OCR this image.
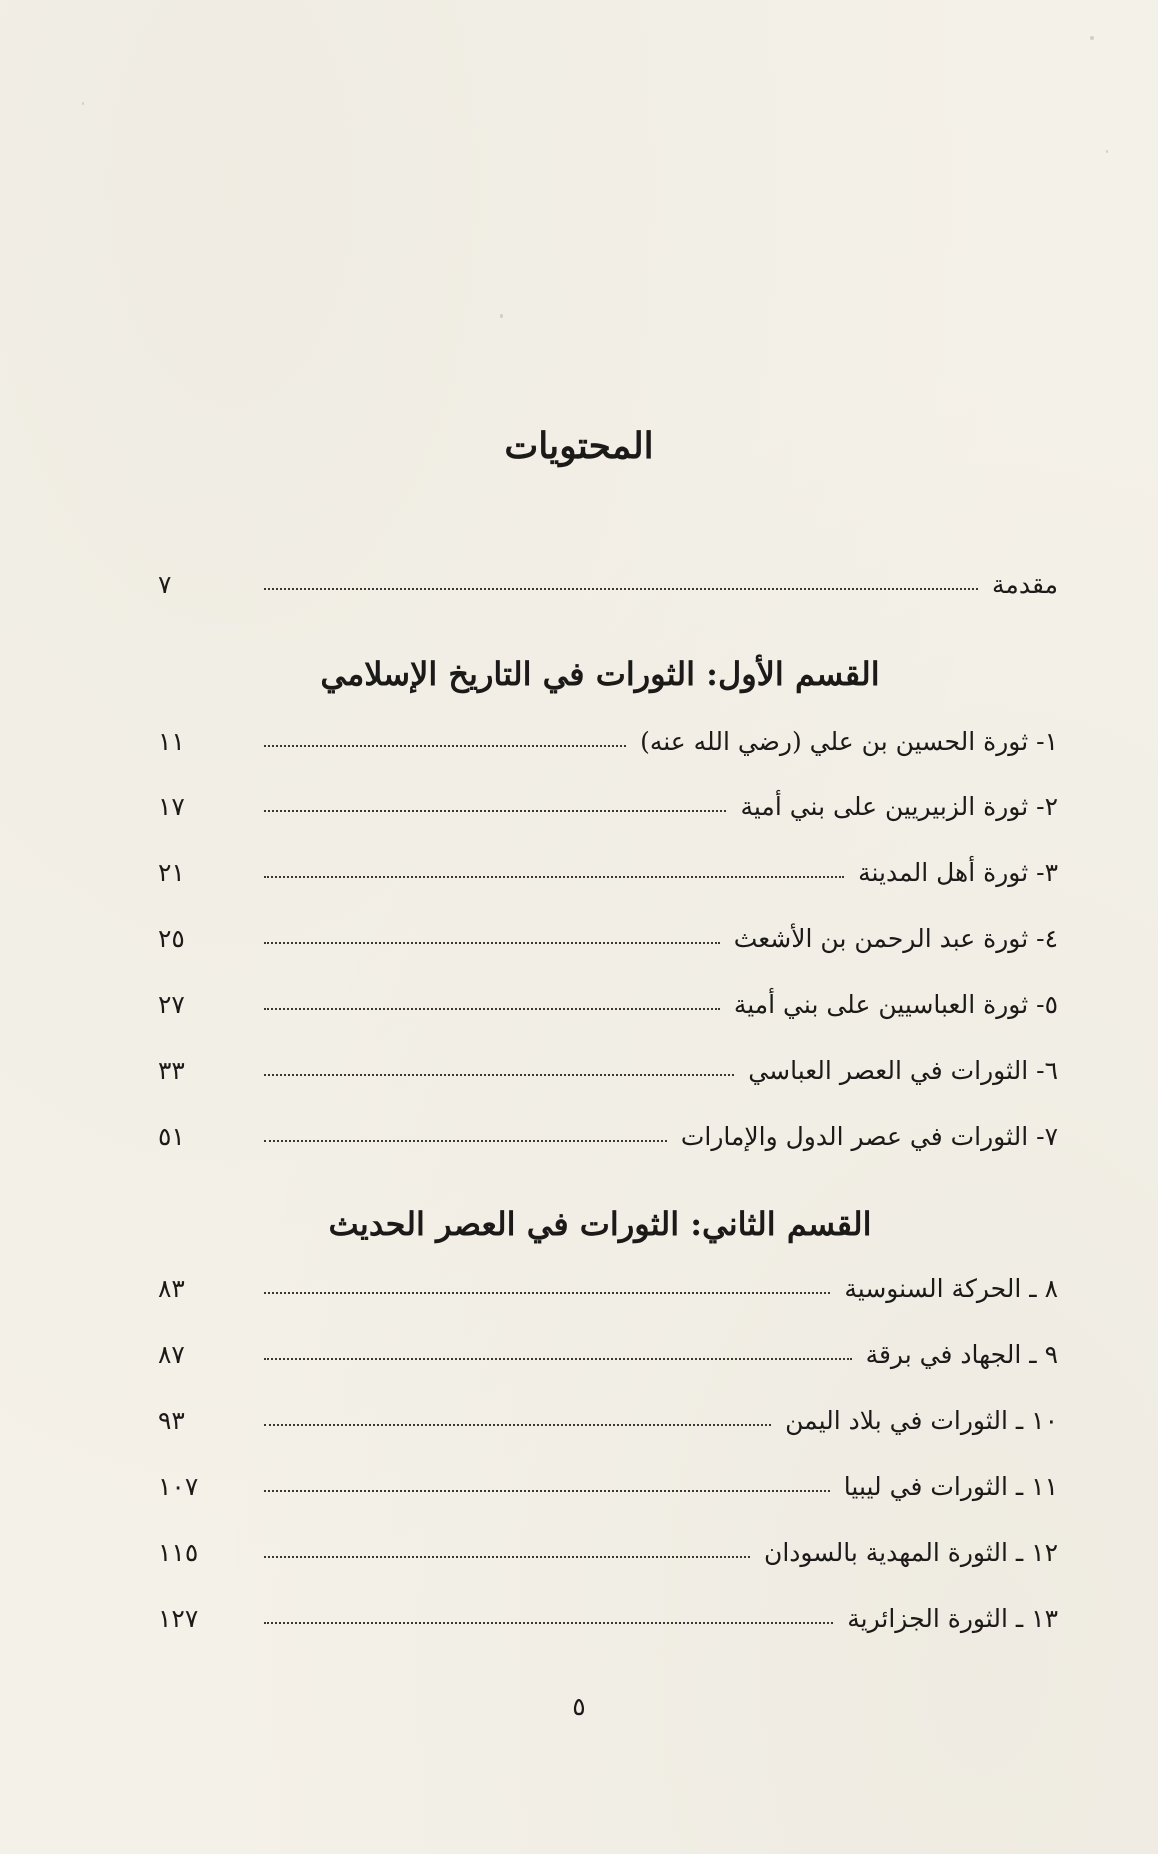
المحتويات
مقدمة
٧
القسم الأول: الثورات في التاريخ الإسلامي
١- ثورة الحسين بن علي (رضي الله عنه)
١١
٢- ثورة الزبيريين على بني أمية
١٧
٣- ثورة أهل المدينة
٢١
٤- ثورة عبد الرحمن بن الأشعث
٢٥
٥- ثورة العباسيين على بني أمية
٢٧
٦- الثورات في العصر العباسي
٣٣
٧- الثورات في عصر الدول والإمارات
٥١
القسم الثاني: الثورات في العصر الحديث
٨ ـ الحركة السنوسية
٨٣
٩ ـ الجهاد في برقة
٨٧
١٠ ـ الثورات في بلاد اليمن
٩٣
١١ ـ الثورات في ليبيا
١٠٧
١٢ ـ الثورة المهدية بالسودان
١١٥
١٣ ـ الثورة الجزائرية
١٢٧
٥
